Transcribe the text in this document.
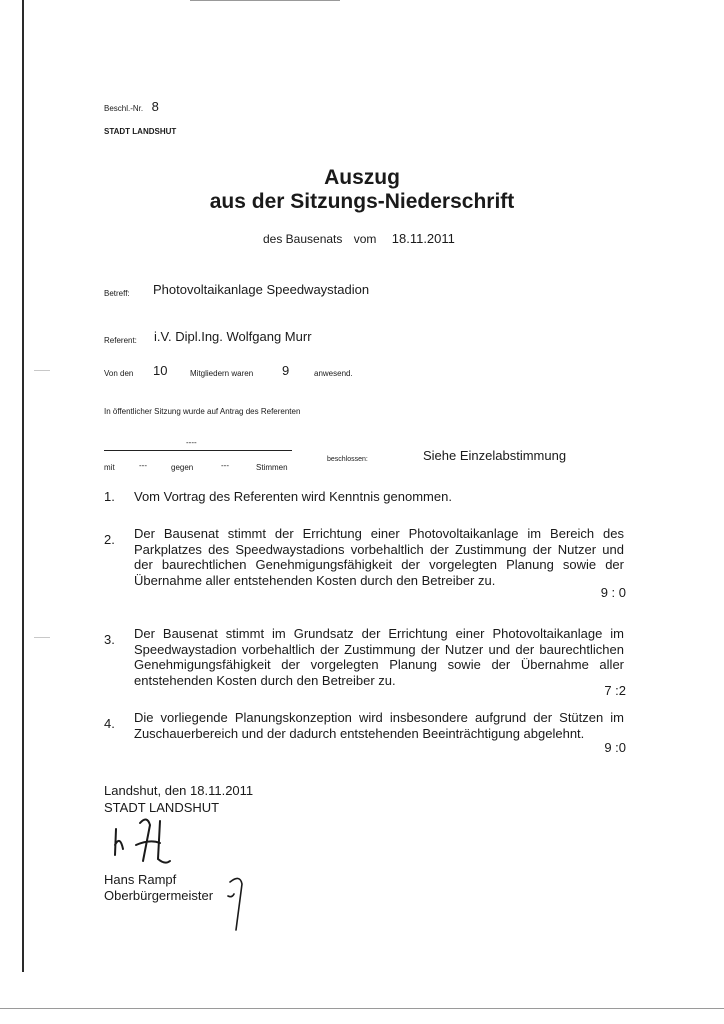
Beschl.-Nr. 8
STADT LANDSHUT
Auszug
aus der Sitzungs-Niederschrift
des Bausenats vom 18.11.2011
Betreff: Photovoltaikanlage Speedwaystadion
Referent: i.V. Dipl.Ing. Wolfgang Murr
Von den 10	Mitgliedern waren 9	anwesend.
In öffentlicher Sitzung wurde auf Antrag des Referenten
----
mit	---	gegen	---	Stimmen
beschlossen:	Siehe Einzelabstimmung
1. Vom Vortrag des Referenten wird Kenntnis genommen.
2. Der Bausenat stimmt der Errichtung einer Photovoltaikanlage im Bereich des Parkplatzes des Speedwaystadions vorbehaltlich der Zustimmung der Nutzer und der baurechtlichen Genehmigungsfähigkeit der vorgelegten Planung sowie der Übernahme aller entstehenden Kosten durch den Betreiber zu.
9 : 0
3. Der Bausenat stimmt im Grundsatz der Errichtung einer Photovoltaikanlage im Speedwaystadion vorbehaltlich der Zustimmung der Nutzer und der baurechtlichen Genehmigungsfähigkeit der vorgelegten Planung sowie der Übernahme aller entstehenden Kosten durch den Betreiber zu.
7 :2
4. Die vorliegende Planungskonzeption wird insbesondere aufgrund der Stützen im Zuschauerbereich und der dadurch entstehenden Beeinträchtigung abgelehnt.
9 :0
Landshut, den 18.11.2011
STADT LANDSHUT
Hans Rampf
Oberbürgermeister
